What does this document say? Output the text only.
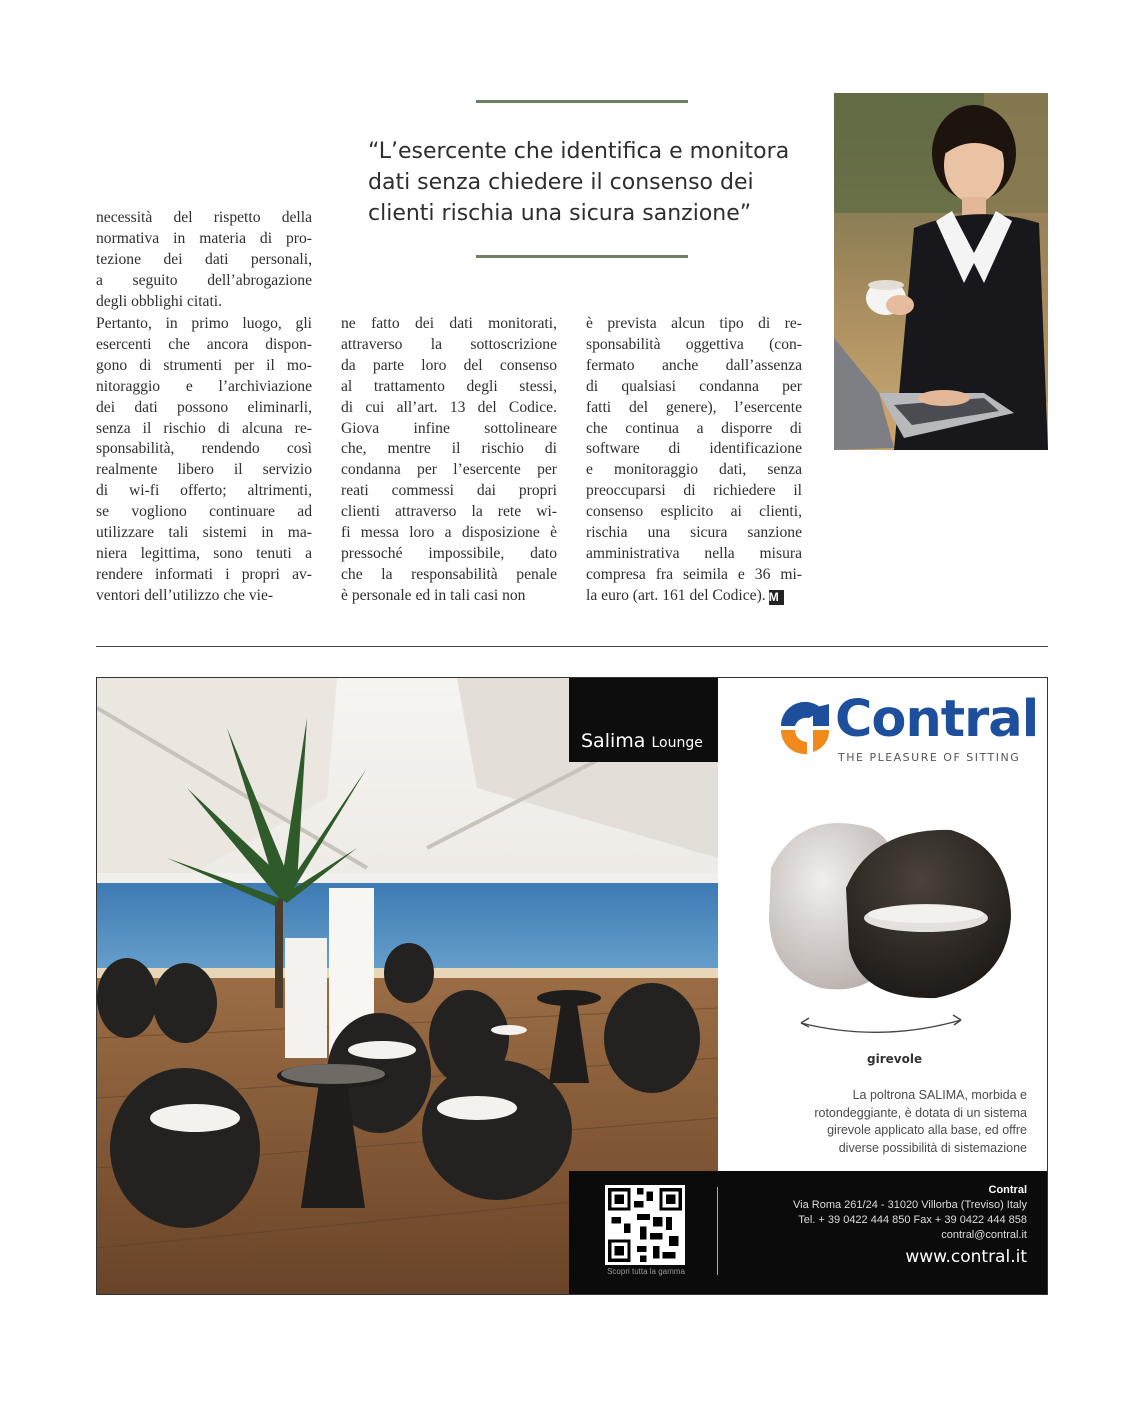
“L’esercente che identifica e monitora
dati senza chiedere il consenso dei
clienti rischia una sicura sanzione”
necessità del rispetto della
normativa in materia di pro-
tezione dei dati personali,
a seguito dell’abrogazione
degli obblighi citati.
Pertanto, in primo luogo, gli
esercenti che ancora dispon-
gono di strumenti per il mo-
nitoraggio e l’archiviazione
dei dati possono eliminarli,
senza il rischio di alcuna re-
sponsabilità, rendendo così
realmente libero il servizio
di wi-fi offerto; altrimenti,
se vogliono continuare ad
utilizzare tali sistemi in ma-
niera legittima, sono tenuti a
rendere informati i propri av-
ventori dell’utilizzo che vie-
ne fatto dei dati monitorati,
attraverso la sottoscrizione
da parte loro del consenso
al trattamento degli stessi,
di cui all’art. 13 del Codice.
Giova infine sottolineare
che, mentre il rischio di
condanna per l’esercente per
reati commessi dai propri
clienti attraverso la rete wi-
fi messa loro a disposizione è
pressoché impossibile, dato
che la responsabilità penale
è personale ed in tali casi non
è prevista alcun tipo di re-
sponsabilità oggettiva (con-
fermato anche dall’assenza
di qualsiasi condanna per
fatti del genere), l’esercente
che continua a disporre di
software di identificazione
e monitoraggio dati, senza
preoccuparsi di richiedere il
consenso esplicito ai clienti,
rischia una sicura sanzione
amministrativa nella misura
compresa fra seimila e 36 mi-
la euro (art. 161 del Codice). M
Salima Lounge	Contral
THE PLEASURE OF SITTING
girevole
La poltrona SALIMA, morbida e
rotondeggiante, è dotata di un sistema
girevole applicato alla base, ed offre
diverse possibilità di sistemazione
Scopri tutta la gamma
Contral
Via Roma 261/24 - 31020 Villorba (Treviso) Italy
Tel. + 39 0422 444 850 Fax + 39 0422 444 858
contral@contral.it
www.contral.it
